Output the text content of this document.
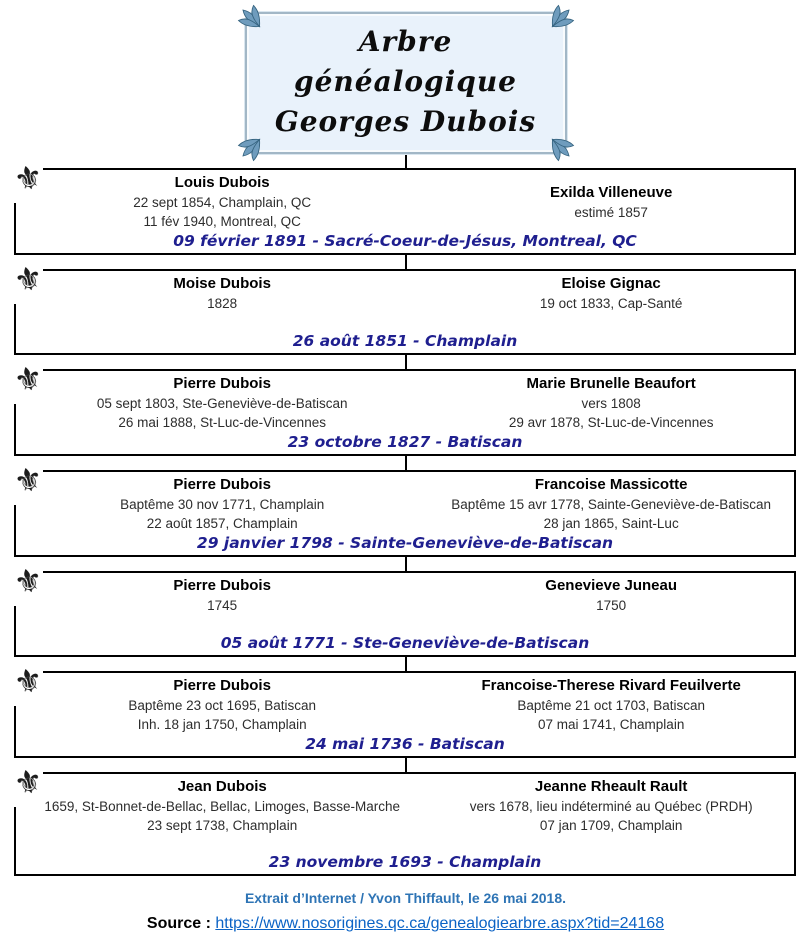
Arbre généalogique
Georges Dubois
⚜	Louis Dubois
22 sept 1854, Champlain, QC
11 fév 1940, Montreal, QC
Exilda Villeneuve
estimé 1857
09 février 1891 - Sacré-Coeur-de-Jésus, Montreal, QC
⚜	Moise Dubois
1828
Eloise Gignac
19 oct 1833, Cap-Santé
26 août 1851 - Champlain
⚜	Pierre Dubois
05 sept 1803, Ste-Geneviève-de-Batiscan
26 mai 1888, St-Luc-de-Vincennes
Marie Brunelle Beaufort
vers 1808
29 avr 1878, St-Luc-de-Vincennes
23 octobre 1827 - Batiscan
⚜	Pierre Dubois
Baptême 30 nov 1771, Champlain
22 août 1857, Champlain
Francoise Massicotte
Baptême 15 avr 1778, Sainte-Geneviève-de-Batiscan
28 jan 1865, Saint-Luc
29 janvier 1798 - Sainte-Geneviève-de-Batiscan
⚜	Pierre Dubois
1745
Genevieve Juneau
1750
05 août 1771 - Ste-Geneviève-de-Batiscan
⚜	Pierre Dubois
Baptême 23 oct 1695, Batiscan
Inh. 18 jan 1750, Champlain
Francoise-Therese Rivard Feuilverte
Baptême 21 oct 1703, Batiscan
07 mai 1741, Champlain
24 mai 1736 - Batiscan
⚜	Jean Dubois
1659, St-Bonnet-de-Bellac, Bellac, Limoges, Basse-Marche
23 sept 1738, Champlain
Jeanne Rheault Rault
vers 1678, lieu indéterminé au Québec (PRDH)
07 jan 1709, Champlain
23 novembre 1693 - Champlain
Extrait d’Internet / Yvon Thiffault, le 26 mai 2018.
Source : https://www.nosorigines.qc.ca/genealogiearbre.aspx?tid=24168
